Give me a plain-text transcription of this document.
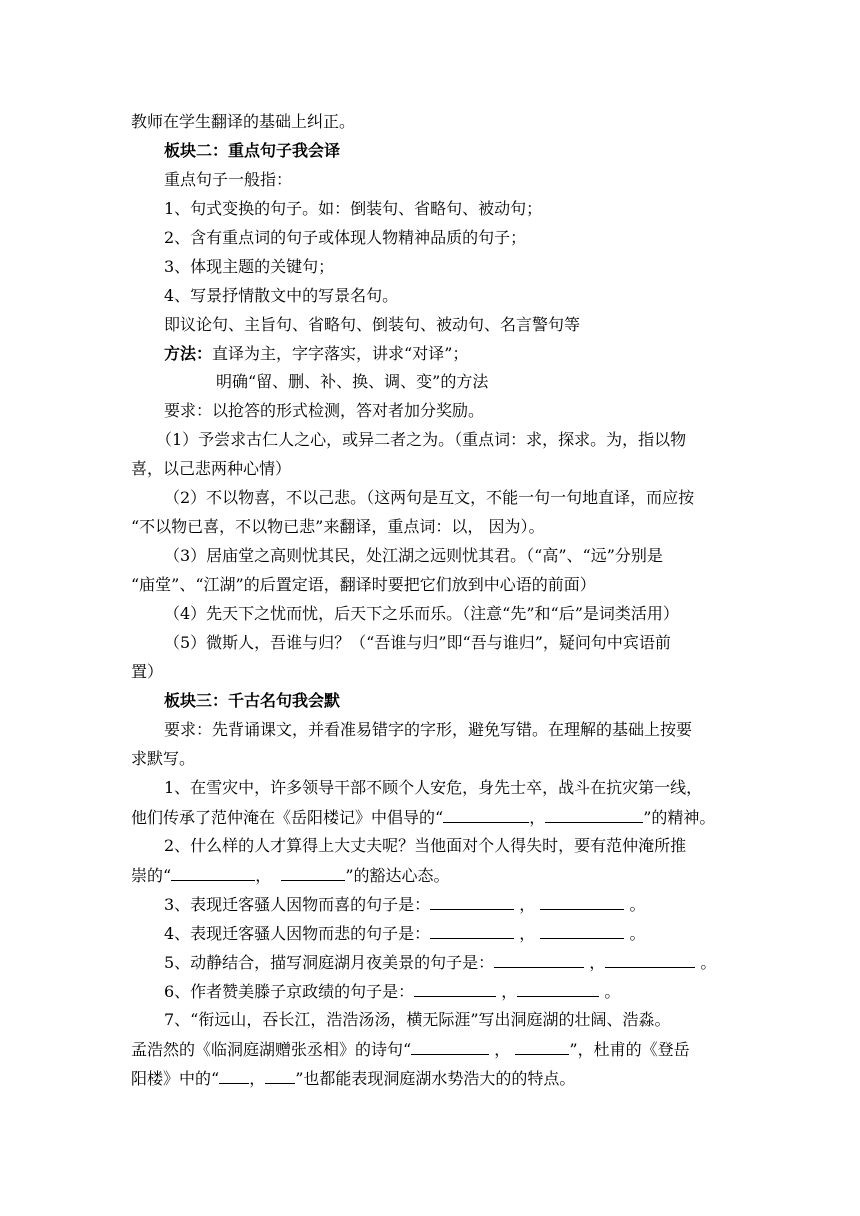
教师在学生翻译的基础上纠正。
板块二：重点句子我会译
重点句子一般指：
1、句式变换的句子。如：倒装句、省略句、被动句；
2、含有重点词的句子或体现人物精神品质的句子；
3、体现主题的关键句；
4、写景抒情散文中的写景名句。
即议论句、主旨句、省略句、倒装句、被动句、名言警句等
方法：直译为主，字字落实，讲求“对译”；
明确“留、删、补、换、调、变”的方法
要求：以抢答的形式检测，答对者加分奖励。
（1）予尝求古仁人之心，或异二者之为。（重点词：求，探求。为，指以物
喜，以己悲两种心情）
（2）不以物喜，不以己悲。（这两句是互文，不能一句一句地直译，而应按
“不以物已喜，不以物已悲”来翻译，重点词：以， 因为）。
（3）居庙堂之高则忧其民，处江湖之远则忧其君。（“高”、“远”分别是
“庙堂”、“江湖”的后置定语，翻译时要把它们放到中心语的前面）
（4）先天下之忧而忧，后天下之乐而乐。（注意“先”和“后”是词类活用）
（5）微斯人，吾谁与归？（“吾谁与归”即“吾与谁归”，疑问句中宾语前
置）
板块三：千古名句我会默
要求：先背诵课文，并看准易错字的字形，避免写错。在理解的基础上按要
求默写。
1、在雪灾中，许多领导干部不顾个人安危，身先士卒，战斗在抗灾第一线，
他们传承了范仲淹在《岳阳楼记》中倡导的“	，	”的精神。
2、什么样的人才算得上大丈夫呢？当他面对个人得失时，要有范仲淹所推
崇的“	，	”的豁达心态。
3、表现迁客骚人因物而喜的句子是：	，	。
4、表现迁客骚人因物而悲的句子是：	，	。
5、动静结合，描写洞庭湖月夜美景的句子是：	，	。
6、作者赞美滕子京政绩的句子是：	，	。
7、“衔远山，吞长江，浩浩汤汤，横无际涯”写出洞庭湖的壮阔、浩淼。
孟浩然的《临洞庭湖赠张丞相》的诗句“	，	”，杜甫的《登岳
阳楼》中的“ ， ”也都能表现洞庭湖水势浩大的的特点。
